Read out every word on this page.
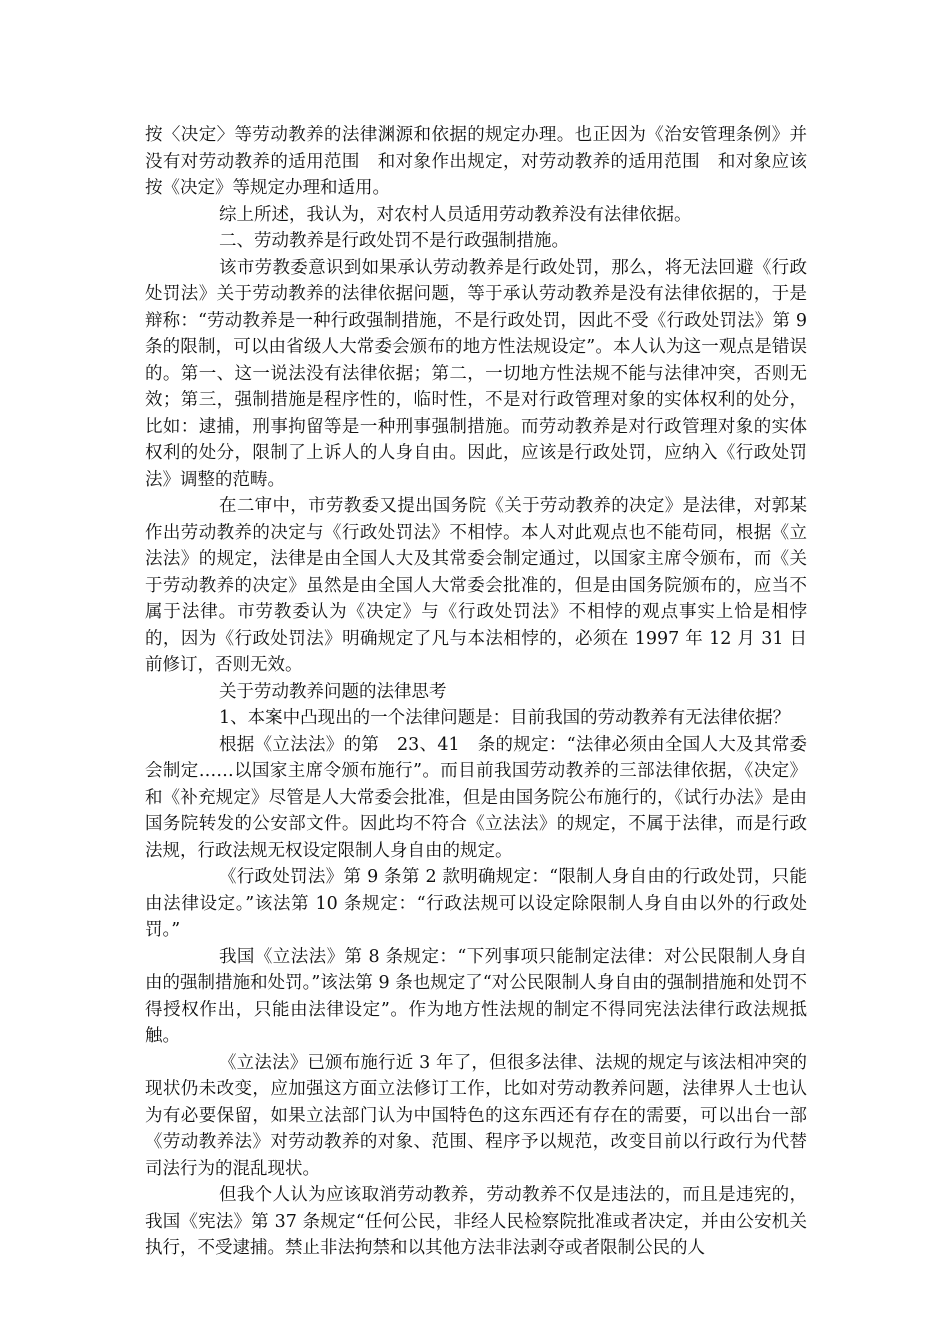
按〈决定〉等劳动教养的法律渊源和依据的规定办理。也正因为《治安管理条例》并没有对劳动教养的适用范围　和对象作出规定，对劳动教养的适用范围　和对象应该按《决定》等规定办理和适用。

综上所述，我认为，对农村人员适用劳动教养没有法律依据。

二、劳动教养是行政处罚不是行政强制措施。

该市劳教委意识到如果承认劳动教养是行政处罚，那么，将无法回避《行政处罚法》关于劳动教养的法律依据问题，等于承认劳动教养是没有法律依据的，于是辩称：“劳动教养是一种行政强制措施，不是行政处罚，因此不受《行政处罚法》第 9 条的限制，可以由省级人大常委会颁布的地方性法规设定”。本人认为这一观点是错误的。第一、这一说法没有法律依据；第二，一切地方性法规不能与法律冲突，否则无效；第三，强制措施是程序性的，临时性，不是对行政管理对象的实体权利的处分，比如：逮捕，刑事拘留等是一种刑事强制措施。而劳动教养是对行政管理对象的实体权利的处分，限制了上诉人的人身自由。因此，应该是行政处罚，应纳入《行政处罚法》调整的范畴。

在二审中，市劳教委又提出国务院《关于劳动教养的决定》是法律，对郭某作出劳动教养的决定与《行政处罚法》不相悖。本人对此观点也不能苟同，根据《立法法》的规定，法律是由全国人大及其常委会制定通过，以国家主席令颁布，而《关于劳动教养的决定》虽然是由全国人大常委会批准的，但是由国务院颁布的，应当不属于法律。市劳教委认为《决定》与《行政处罚法》不相悖的观点事实上恰是相悖的，因为《行政处罚法》明确规定了凡与本法相悖的，必须在 1997 年 12 月 31 日前修订，否则无效。

关于劳动教养问题的法律思考

1、本案中凸现出的一个法律问题是：目前我国的劳动教养有无法律依据？

根据《立法法》的第　23、41　条的规定：“法律必须由全国人大及其常委会制定……以国家主席令颁布施行”。而目前我国劳动教养的三部法律依据，《决定》和《补充规定》尽管是人大常委会批准，但是由国务院公布施行的，《试行办法》是由国务院转发的公安部文件。因此均不符合《立法法》的规定，不属于法律，而是行政法规，行政法规无权设定限制人身自由的规定。

《行政处罚法》第 9 条第 2 款明确规定：“限制人身自由的行政处罚，只能由法律设定。”该法第 10 条规定：“行政法规可以设定除限制人身自由以外的行政处罚。”

我国《立法法》第 8 条规定：“下列事项只能制定法律：对公民限制人身自由的强制措施和处罚。”该法第 9 条也规定了“对公民限制人身自由的强制措施和处罚不得授权作出，只能由法律设定”。作为地方性法规的制定不得同宪法法律行政法规抵触。

《立法法》已颁布施行近 3 年了，但很多法律、法规的规定与该法相冲突的现状仍未改变，应加强这方面立法修订工作，比如对劳动教养问题，法律界人士也认为有必要保留，如果立法部门认为中国特色的这东西还有存在的需要，可以出台一部《劳动教养法》对劳动教养的对象、范围、程序予以规范，改变目前以行政行为代替司法行为的混乱现状。

但我个人认为应该取消劳动教养，劳动教养不仅是违法的，而且是违宪的，我国《宪法》第 37 条规定“任何公民，非经人民检察院批准或者决定，并由公安机关执行，不受逮捕。禁止非法拘禁和以其他方法非法剥夺或者限制公民的人
